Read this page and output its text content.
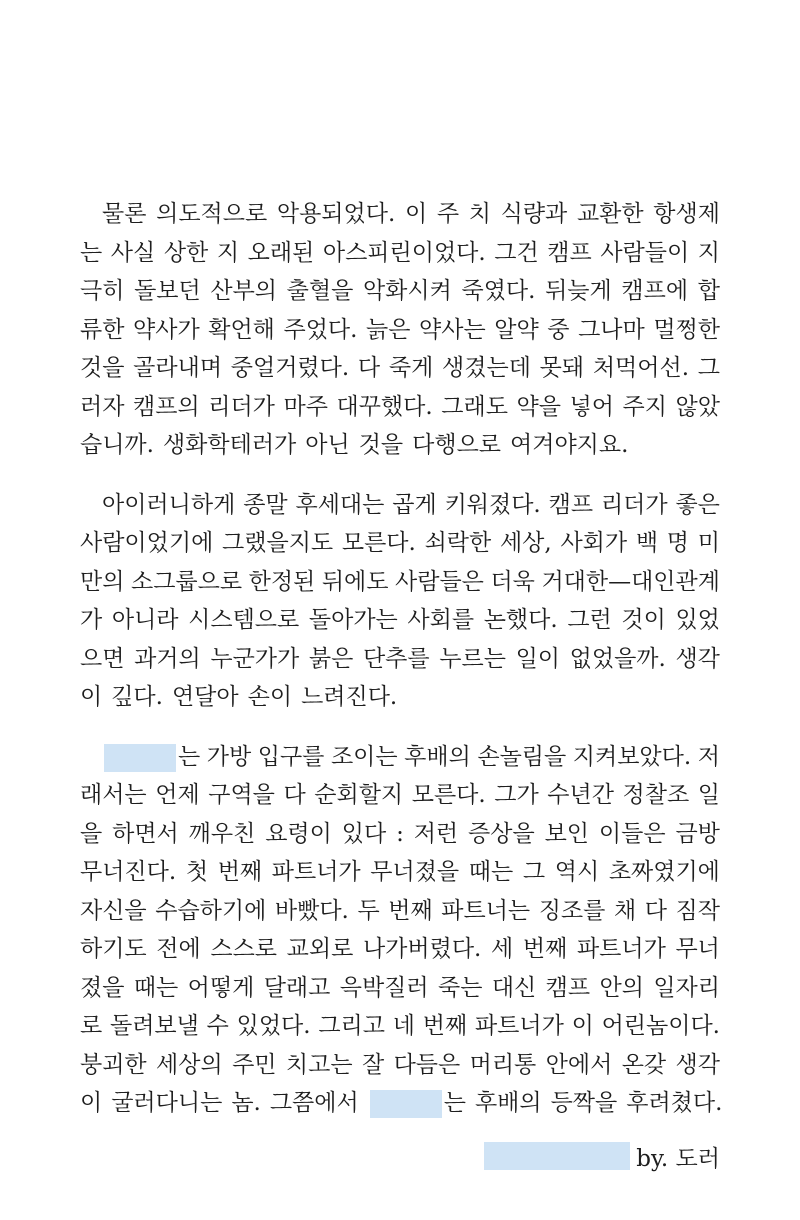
물론 의도적으로 악용되었다. 이 주 치 식량과 교환한 항생제
는 사실 상한 지 오래된 아스피린이었다. 그건 캠프 사람들이 지
극히 돌보던 산부의 출혈을 악화시켜 죽였다. 뒤늦게 캠프에 합
류한 약사가 확언해 주었다. 늙은 약사는 알약 중 그나마 멀쩡한
것을 골라내며 중얼거렸다. 다 죽게 생겼는데 못돼 처먹어선. 그
러자 캠프의 리더가 마주 대꾸했다. 그래도 약을 넣어 주지 않았
습니까. 생화학테러가 아닌 것을 다행으로 여겨야지요.
아이러니하게 종말 후세대는 곱게 키워졌다. 캠프 리더가 좋은
사람이었기에 그랬을지도 모른다. 쇠락한 세상, 사회가 백 명 미
만의 소그룹으로 한정된 뒤에도 사람들은 더욱 거대한—대인관계
가 아니라 시스템으로 돌아가는 사회를 논했다. 그런 것이 있었
으면 과거의 누군가가 붉은 단추를 누르는 일이 없었을까. 생각
이 깊다. 연달아 손이 느려진다.
는 가방 입구를 조이는 후배의 손놀림을 지켜보았다. 저
래서는 언제 구역을 다 순회할지 모른다. 그가 수년간 정찰조 일
을 하면서 깨우친 요령이 있다 : 저런 증상을 보인 이들은 금방
무너진다. 첫 번째 파트너가 무너졌을 때는 그 역시 초짜였기에
자신을 수습하기에 바빴다. 두 번째 파트너는 징조를 채 다 짐작
하기도 전에 스스로 교외로 나가버렸다. 세 번째 파트너가 무너
졌을 때는 어떻게 달래고 윽박질러 죽는 대신 캠프 안의 일자리
로 돌려보낼 수 있었다. 그리고 네 번째 파트너가 이 어린놈이다.
붕괴한 세상의 주민 치고는 잘 다듬은 머리통 안에서 온갖 생각
이 굴러다니는 놈. 그쯤에서	는 후배의 등짝을 후려쳤다.
by. 도러
